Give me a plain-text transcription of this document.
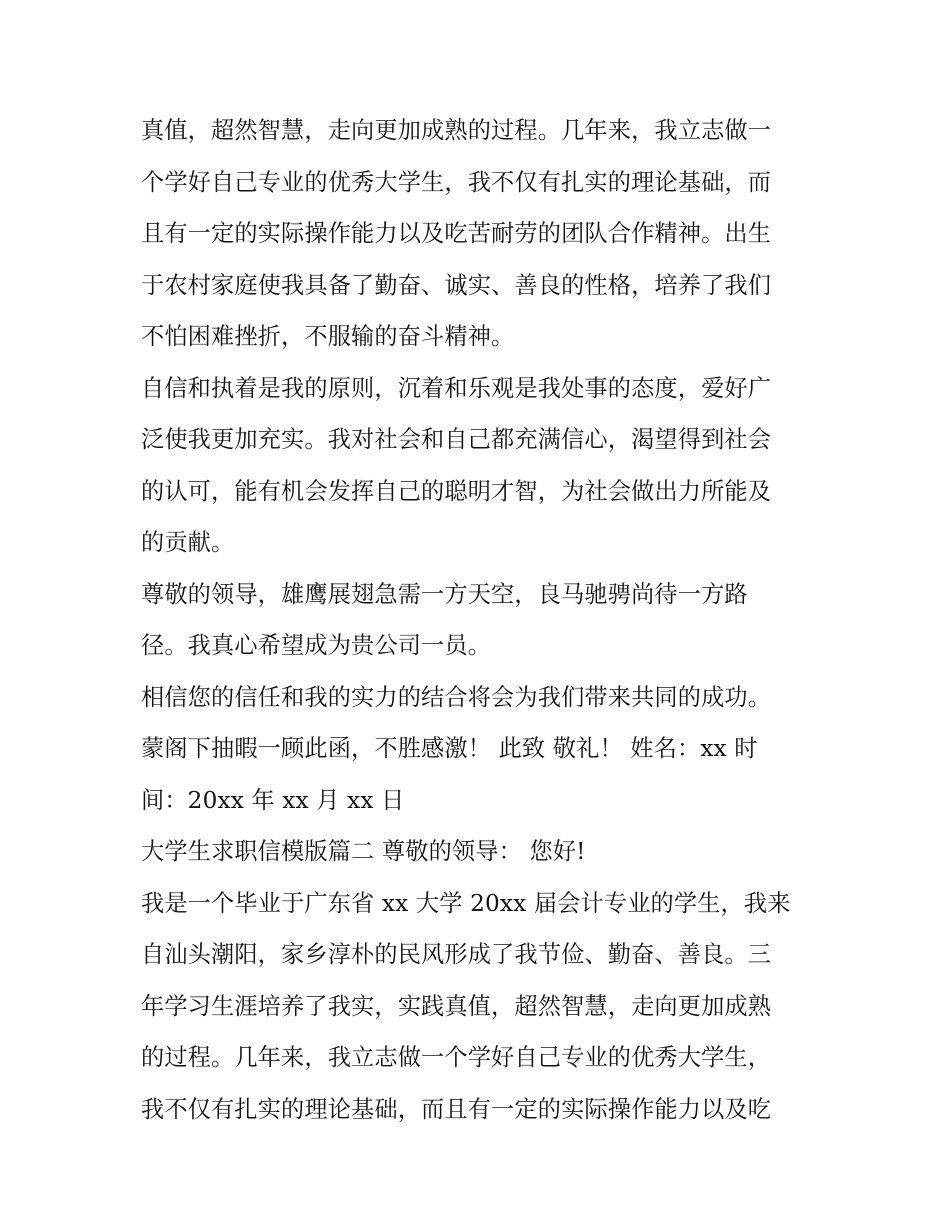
真值，超然智慧，走向更加成熟的过程。几年来，我立志做一
个学好自己专业的优秀大学生，我不仅有扎实的理论基础，而
且有一定的实际操作能力以及吃苦耐劳的团队合作精神。出生
于农村家庭使我具备了勤奋、诚实、善良的性格，培养了我们
不怕困难挫折，不服输的奋斗精神。
自信和执着是我的原则，沉着和乐观是我处事的态度，爱好广
泛使我更加充实。我对社会和自己都充满信心，渴望得到社会
的认可，能有机会发挥自己的聪明才智，为社会做出力所能及
的贡献。
尊敬的领导，雄鹰展翅急需一方天空，良马驰骋尚待一方路
径。我真心希望成为贵公司一员。
相信您的信任和我的实力的结合将会为我们带来共同的成功。
蒙阁下抽暇一顾此函，不胜感激！ 此致 敬礼！ 姓名：xx 时
间：20xx 年 xx 月 xx 日
大学生求职信模版篇二 尊敬的领导： 您好!
我是一个毕业于广东省 xx 大学 20xx 届会计专业的学生，我来
自汕头潮阳，家乡淳朴的民风形成了我节俭、勤奋、善良。三
年学习生涯培养了我实，实践真值，超然智慧，走向更加成熟
的过程。几年来，我立志做一个学好自己专业的优秀大学生，
我不仅有扎实的理论基础，而且有一定的实际操作能力以及吃
